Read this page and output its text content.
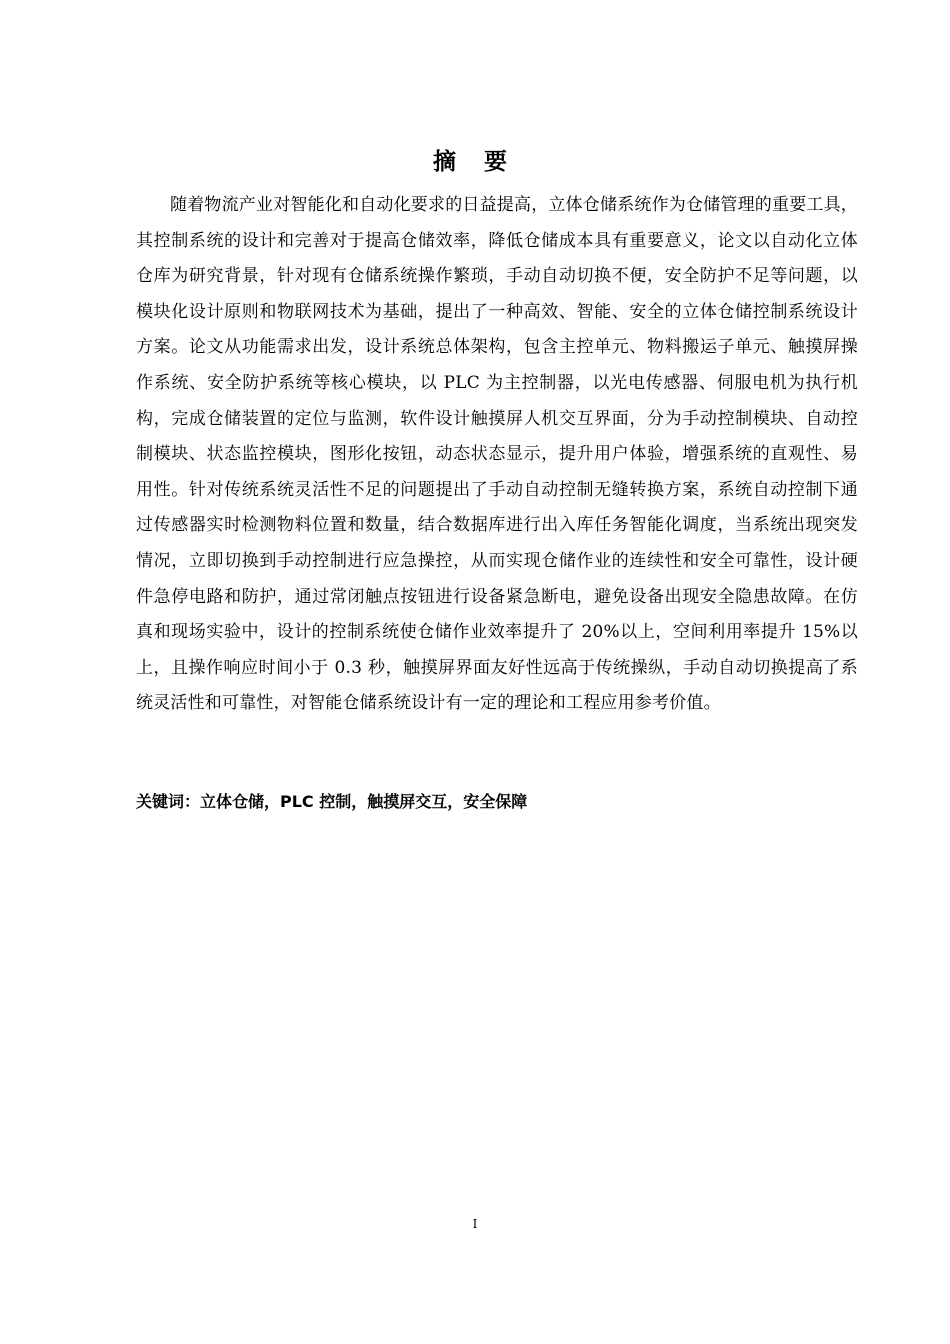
摘 要

随着物流产业对智能化和自动化要求的日益提高，立体仓储系统作为仓储管理的重要工具，其控制系统的设计和完善对于提高仓储效率，降低仓储成本具有重要意义，论文以自动化立体仓库为研究背景，针对现有仓储系统操作繁琐，手动自动切换不便，安全防护不足等问题，以模块化设计原则和物联网技术为基础，提出了一种高效、智能、安全的立体仓储控制系统设计方案。论文从功能需求出发，设计系统总体架构，包含主控单元、物料搬运子单元、触摸屏操作系统、安全防护系统等核心模块，以 PLC 为主控制器，以光电传感器、伺服电机为执行机构，完成仓储装置的定位与监测，软件设计触摸屏人机交互界面，分为手动控制模块、自动控制模块、状态监控模块，图形化按钮，动态状态显示，提升用户体验，增强系统的直观性、易用性。针对传统系统灵活性不足的问题提出了手动自动控制无缝转换方案，系统自动控制下通过传感器实时检测物料位置和数量，结合数据库进行出入库任务智能化调度，当系统出现突发情况，立即切换到手动控制进行应急操控，从而实现仓储作业的连续性和安全可靠性，设计硬件急停电路和防护，通过常闭触点按钮进行设备紧急断电，避免设备出现安全隐患故障。在仿真和现场实验中，设计的控制系统使仓储作业效率提升了 20%以上，空间利用率提升 15%以上，且操作响应时间小于 0.3 秒，触摸屏界面友好性远高于传统操纵，手动自动切换提高了系统灵活性和可靠性，对智能仓储系统设计有一定的理论和工程应用参考价值。

关键词：立体仓储，PLC 控制，触摸屏交互，安全保障

I
